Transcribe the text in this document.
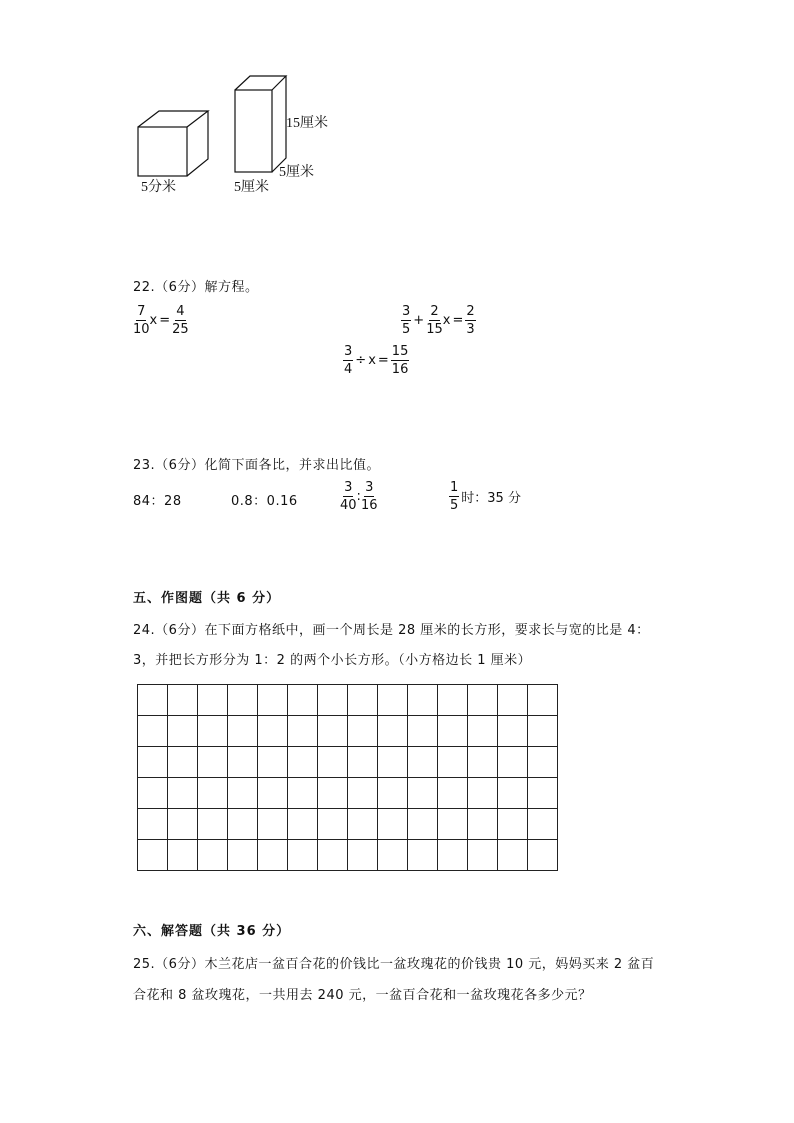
5分米
15厘米
5厘米
5厘米
22.（6分）解方程。
$\frac{7}{10}$ $x = \frac{4}{25}$	$\frac{3}{5} + \frac{2}{15}$ $x = \frac{2}{3}$
$\frac{3}{4} \div x = \frac{15}{16}$
23.（6分）化简下面各比，并求出比值。
84：28	0.8：0.16	$\frac{3}{40}$ : $\frac{3}{16}$	$\frac{1}{5}$ 时：35 分
五、作图题（共 6 分）
24.（6分）在下面方格纸中，画一个周长是 28 厘米的长方形，要求长与宽的比是 4：
3，并把长方形分为 1：2 的两个小长方形。（小方格边长 1 厘米）
六、解答题（共 36 分）
25.（6分）木兰花店一盆百合花的价钱比一盆玫瑰花的价钱贵 10 元，妈妈买来 2 盆百
合花和 8 盆玫瑰花，一共用去 240 元，一盆百合花和一盆玫瑰花各多少元？
